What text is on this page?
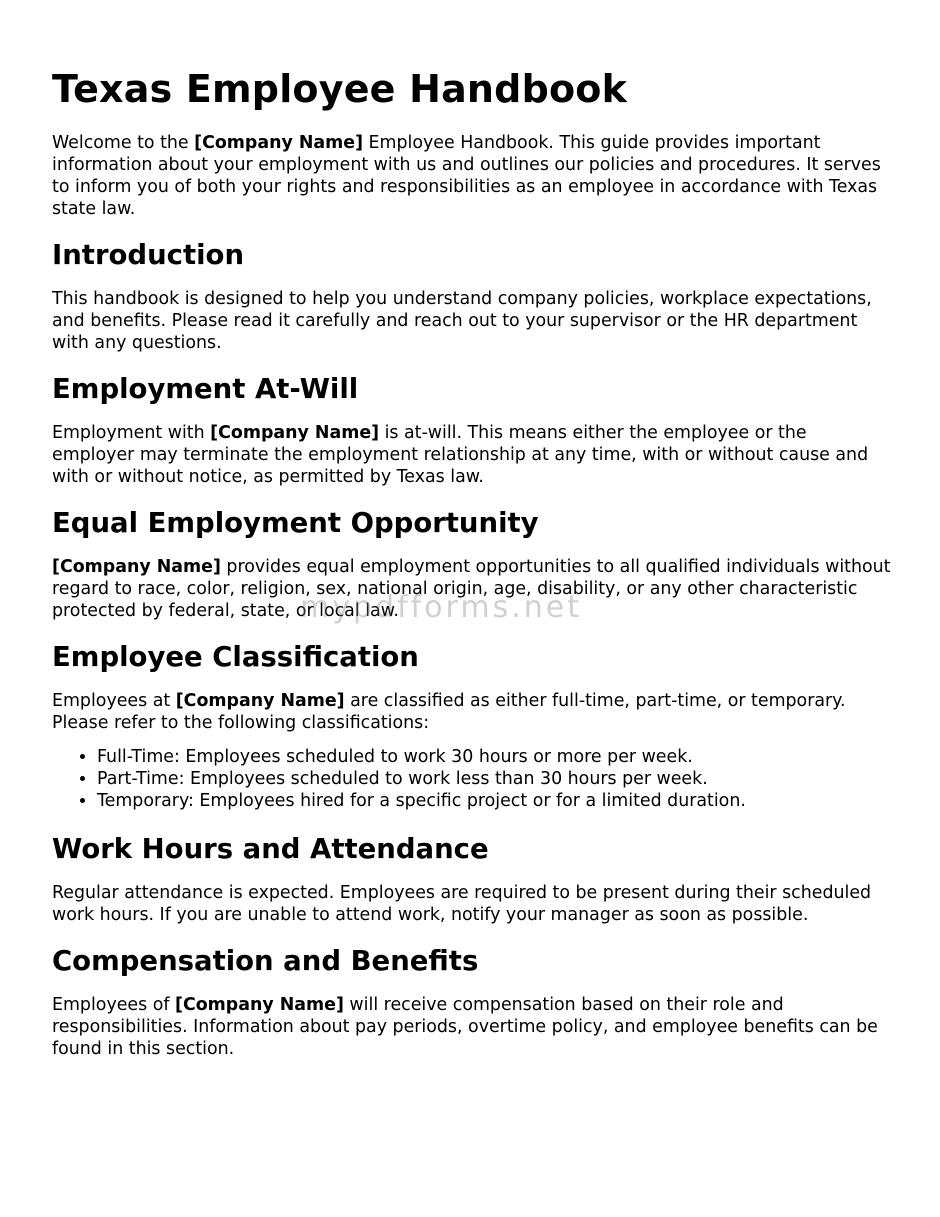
Texas Employee Handbook

Welcome to the [Company Name] Employee Handbook. This guide provides important information about your employment with us and outlines our policies and procedures. It serves to inform you of both your rights and responsibilities as an employee in accordance with Texas state law.

Introduction

This handbook is designed to help you understand company policies, workplace expectations, and benefits. Please read it carefully and reach out to your supervisor or the HR department with any questions.

Employment At-Will

Employment with [Company Name] is at-will. This means either the employee or the employer may terminate the employment relationship at any time, with or without cause and with or without notice, as permitted by Texas law.

Equal Employment Opportunity

[Company Name] provides equal employment opportunities to all qualified individuals without regard to race, color, religion, sex, national origin, age, disability, or any other characteristic protected by federal, state, or local law.

Employee Classification

Employees at [Company Name] are classified as either full-time, part-time, or temporary. Please refer to the following classifications:

• Full-Time: Employees scheduled to work 30 hours or more per week.
• Part-Time: Employees scheduled to work less than 30 hours per week.
• Temporary: Employees hired for a specific project or for a limited duration.
Work Hours and Attendance

Regular attendance is expected. Employees are required to be present during their scheduled work hours. If you are unable to attend work, notify your manager as soon as possible.

Compensation and Benefits

Employees of [Company Name] will receive compensation based on their role and responsibilities. Information about pay periods, overtime policy, and employee benefits can be found in this section.

mypdfforms.net
